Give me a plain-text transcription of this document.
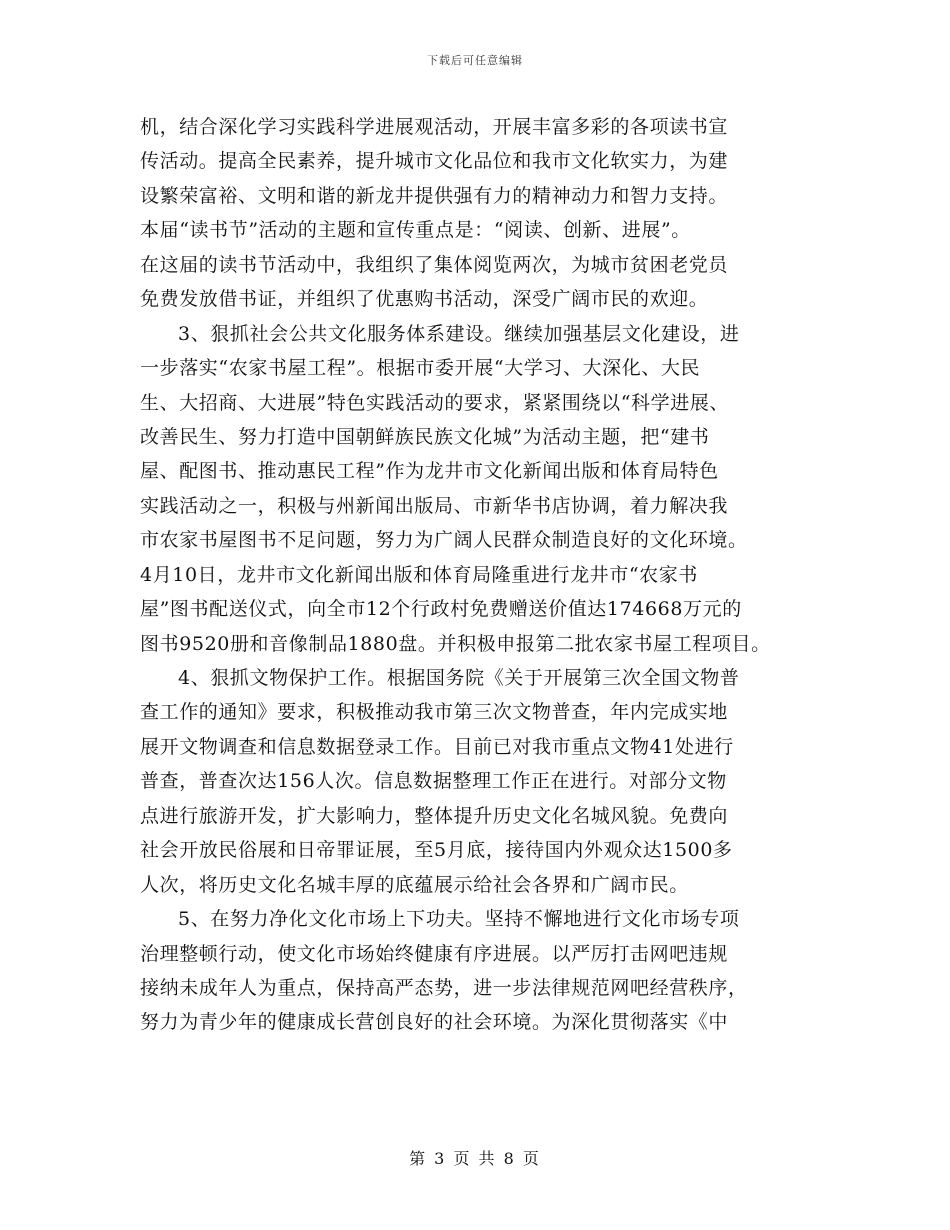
下载后可任意编辑
机，结合深化学习实践科学进展观活动，开展丰富多彩的各项读书宣
传活动。提高全民素养，提升城市文化品位和我市文化软实力，为建
设繁荣富裕、文明和谐的新龙井提供强有力的精神动力和智力支持。
本届“读书节”活动的主题和宣传重点是：“阅读、创新、进展”。
在这届的读书节活动中，我组织了集体阅览两次，为城市贫困老党员
免费发放借书证，并组织了优惠购书活动，深受广阔市民的欢迎。
3、狠抓社会公共文化服务体系建设。继续加强基层文化建设，进
一步落实“农家书屋工程”。根据市委开展“大学习、大深化、大民
生、大招商、大进展”特色实践活动的要求，紧紧围绕以“科学进展、
改善民生、努力打造中国朝鲜族民族文化城”为活动主题，把“建书
屋、配图书、推动惠民工程”作为龙井市文化新闻出版和体育局特色
实践活动之一，积极与州新闻出版局、市新华书店协调，着力解决我
市农家书屋图书不足问题，努力为广阔人民群众制造良好的文化环境。
4月10日，龙井市文化新闻出版和体育局隆重进行龙井市“农家书
屋”图书配送仪式，向全市12个行政村免费赠送价值达174668万元的
图书9520册和音像制品1880盘。并积极申报第二批农家书屋工程项目。
4、狠抓文物保护工作。根据国务院《关于开展第三次全国文物普
查工作的通知》要求，积极推动我市第三次文物普查，年内完成实地
展开文物调查和信息数据登录工作。目前已对我市重点文物41处进行
普查，普查次达156人次。信息数据整理工作正在进行。对部分文物
点进行旅游开发，扩大影响力，整体提升历史文化名城风貌。免费向
社会开放民俗展和日帝罪证展，至5月底，接待国内外观众达1500多
人次，将历史文化名城丰厚的底蕴展示给社会各界和广阔市民。
5、在努力净化文化市场上下功夫。坚持不懈地进行文化市场专项
治理整顿行动，使文化市场始终健康有序进展。以严厉打击网吧违规
接纳未成年人为重点，保持高严态势，进一步法律规范网吧经营秩序，
努力为青少年的健康成长营创良好的社会环境。为深化贯彻落实《中
第 3 页 共 8 页
